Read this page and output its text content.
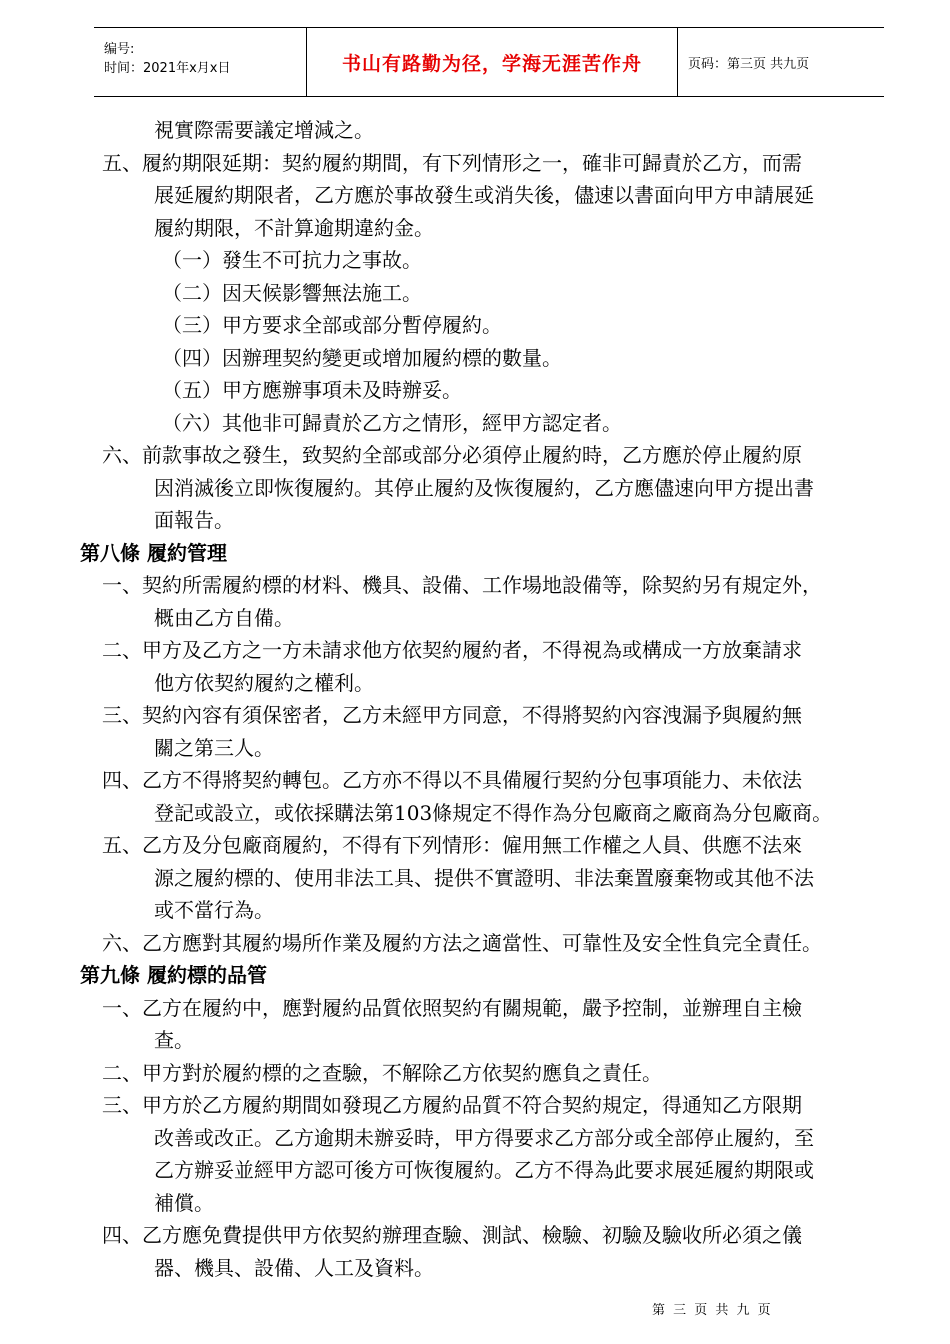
编号:
时间：2021年x月x日	书山有路勤为径，学海无涯苦作舟	页码：第三页 共九页
視實際需要議定增減之。
五、履約期限延期：契約履約期間，有下列情形之一，確非可歸責於乙方，而需
展延履約期限者，乙方應於事故發生或消失後，儘速以書面向甲方申請展延
履約期限，不計算逾期違約金。
（一）發生不可抗力之事故。
（二）因天候影響無法施工。
（三）甲方要求全部或部分暫停履約。
（四）因辦理契約變更或增加履約標的數量。
（五）甲方應辦事項未及時辦妥。
（六）其他非可歸責於乙方之情形，經甲方認定者。
六、前款事故之發生，致契約全部或部分必須停止履約時，乙方應於停止履約原
因消滅後立即恢復履約。其停止履約及恢復履約，乙方應儘速向甲方提出書
面報告。
第八條 履約管理
一、契約所需履約標的材料、機具、設備、工作場地設備等，除契約另有規定外，
概由乙方自備。
二、甲方及乙方之一方未請求他方依契約履約者，不得視為或構成一方放棄請求
他方依契約履約之權利。
三、契約內容有須保密者，乙方未經甲方同意，不得將契約內容洩漏予與履約無
關之第三人。
四、乙方不得將契約轉包。乙方亦不得以不具備履行契約分包事項能力、未依法
登記或設立，或依採購法第103條規定不得作為分包廠商之廠商為分包廠商。
五、乙方及分包廠商履約，不得有下列情形：僱用無工作權之人員、供應不法來
源之履約標的、使用非法工具、提供不實證明、非法棄置廢棄物或其他不法
或不當行為。
六、乙方應對其履約場所作業及履約方法之適當性、可靠性及安全性負完全責任。
第九條 履約標的品管
一、乙方在履約中，應對履約品質依照契約有關規範，嚴予控制，並辦理自主檢
查。
二、甲方對於履約標的之查驗，不解除乙方依契約應負之責任。
三、甲方於乙方履約期間如發現乙方履約品質不符合契約規定，得通知乙方限期
改善或改正。乙方逾期未辦妥時，甲方得要求乙方部分或全部停止履約，至
乙方辦妥並經甲方認可後方可恢復履約。乙方不得為此要求展延履約期限或
補償。
四、乙方應免費提供甲方依契約辦理查驗、測試、檢驗、初驗及驗收所必須之儀
器、機具、設備、人工及資料。
第 三 页 共 九 页
